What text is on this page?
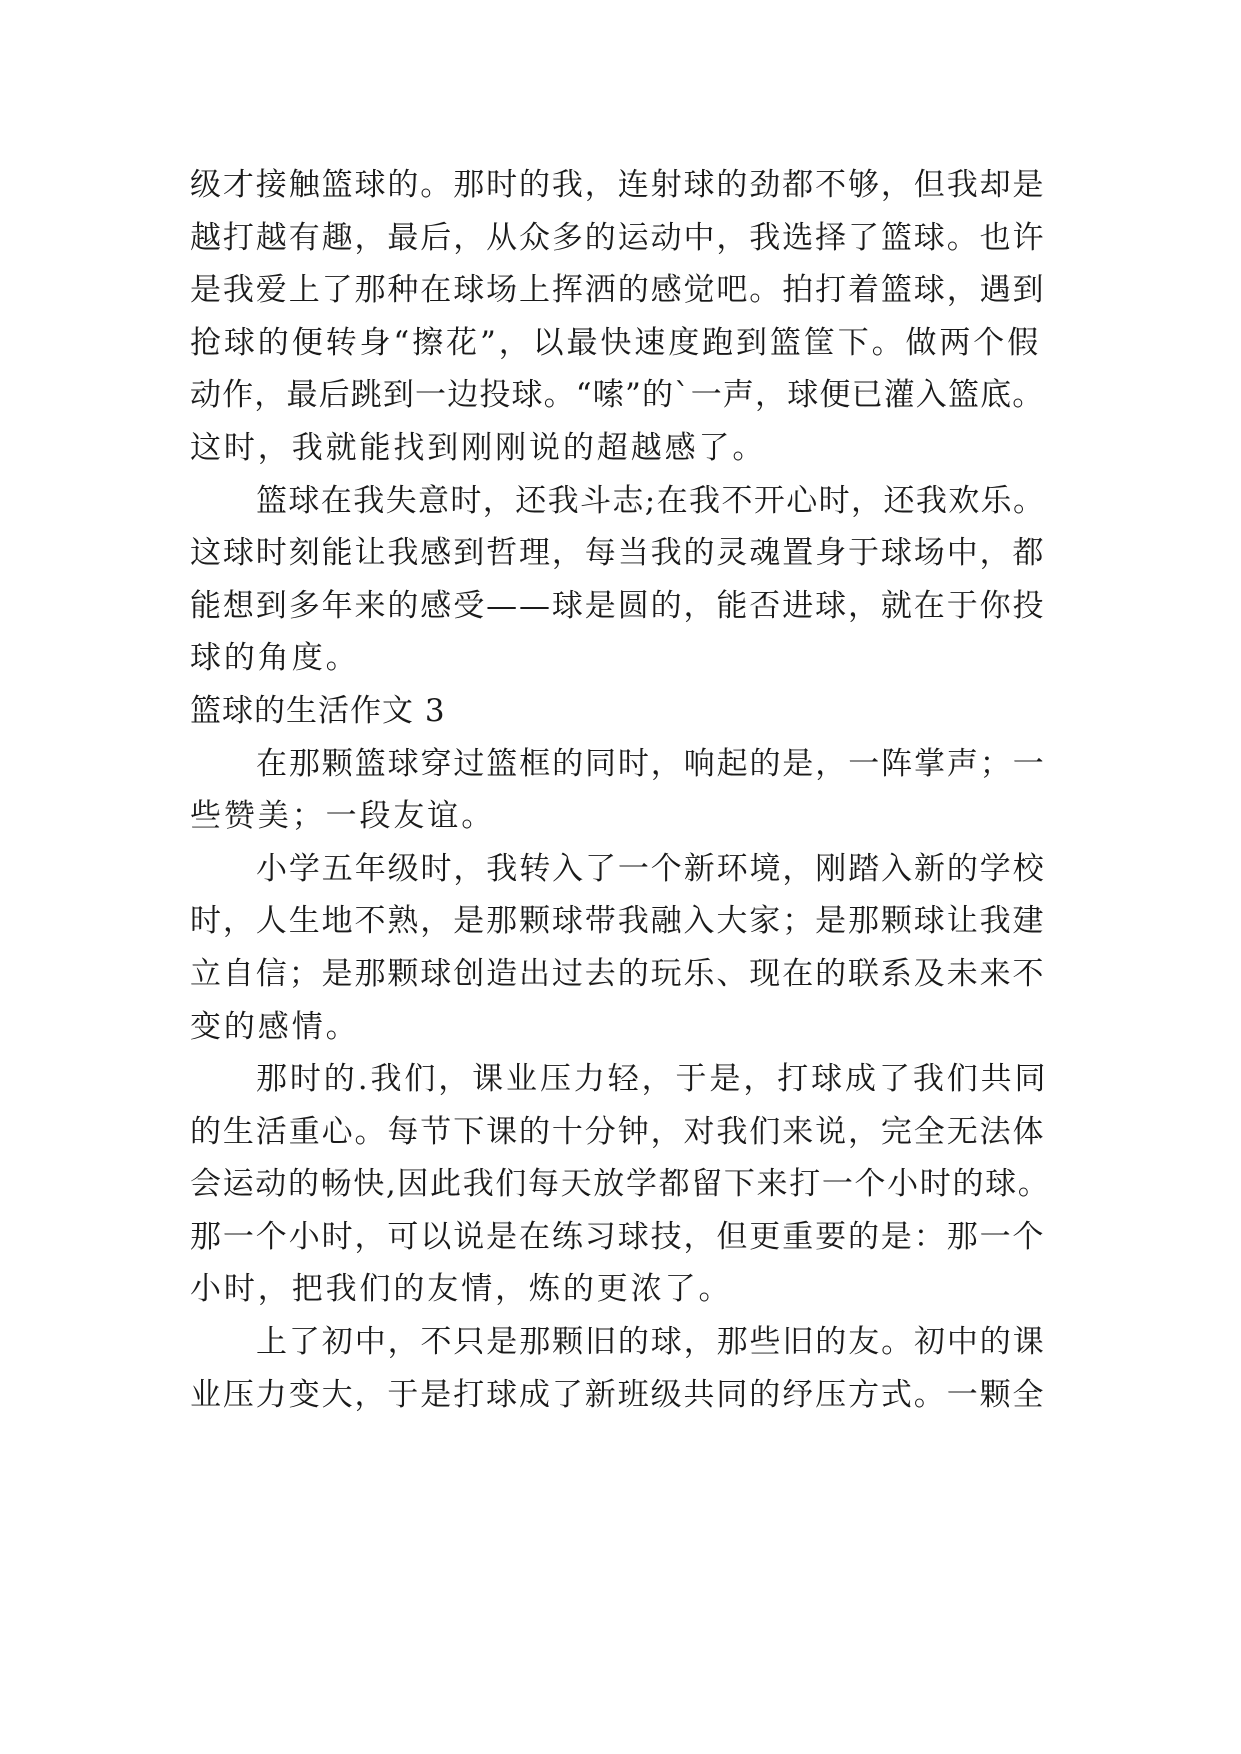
级才接触篮球的。那时的我，连射球的劲都不够，但我却是
越打越有趣，最后，从众多的运动中，我选择了篮球。也许
是我爱上了那种在球场上挥洒的感觉吧。拍打着篮球，遇到
抢球的便转身“擦花”，以最快速度跑到篮筐下。做两个假
动作，最后跳到一边投球。“嗦”的`一声，球便已灌入篮底。
这时，我就能找到刚刚说的超越感了。
篮球在我失意时，还我斗志;在我不开心时，还我欢乐。
这球时刻能让我感到哲理，每当我的灵魂置身于球场中，都
能想到多年来的感受——球是圆的，能否进球，就在于你投
球的角度。
篮球的生活作文 3
在那颗篮球穿过篮框的同时，响起的是，一阵掌声；一
些赞美；一段友谊。
小学五年级时，我转入了一个新环境，刚踏入新的学校
时，人生地不熟，是那颗球带我融入大家；是那颗球让我建
立自信；是那颗球创造出过去的玩乐、现在的联系及未来不
变的感情。
那时的.我们，课业压力轻，于是，打球成了我们共同
的生活重心。每节下课的十分钟，对我们来说，完全无法体
会运动的畅快,因此我们每天放学都留下来打一个小时的球。
那一个小时，可以说是在练习球技，但更重要的是：那一个
小时，把我们的友情，炼的更浓了。
上了初中，不只是那颗旧的球，那些旧的友。初中的课
业压力变大，于是打球成了新班级共同的纾压方式。一颗全
